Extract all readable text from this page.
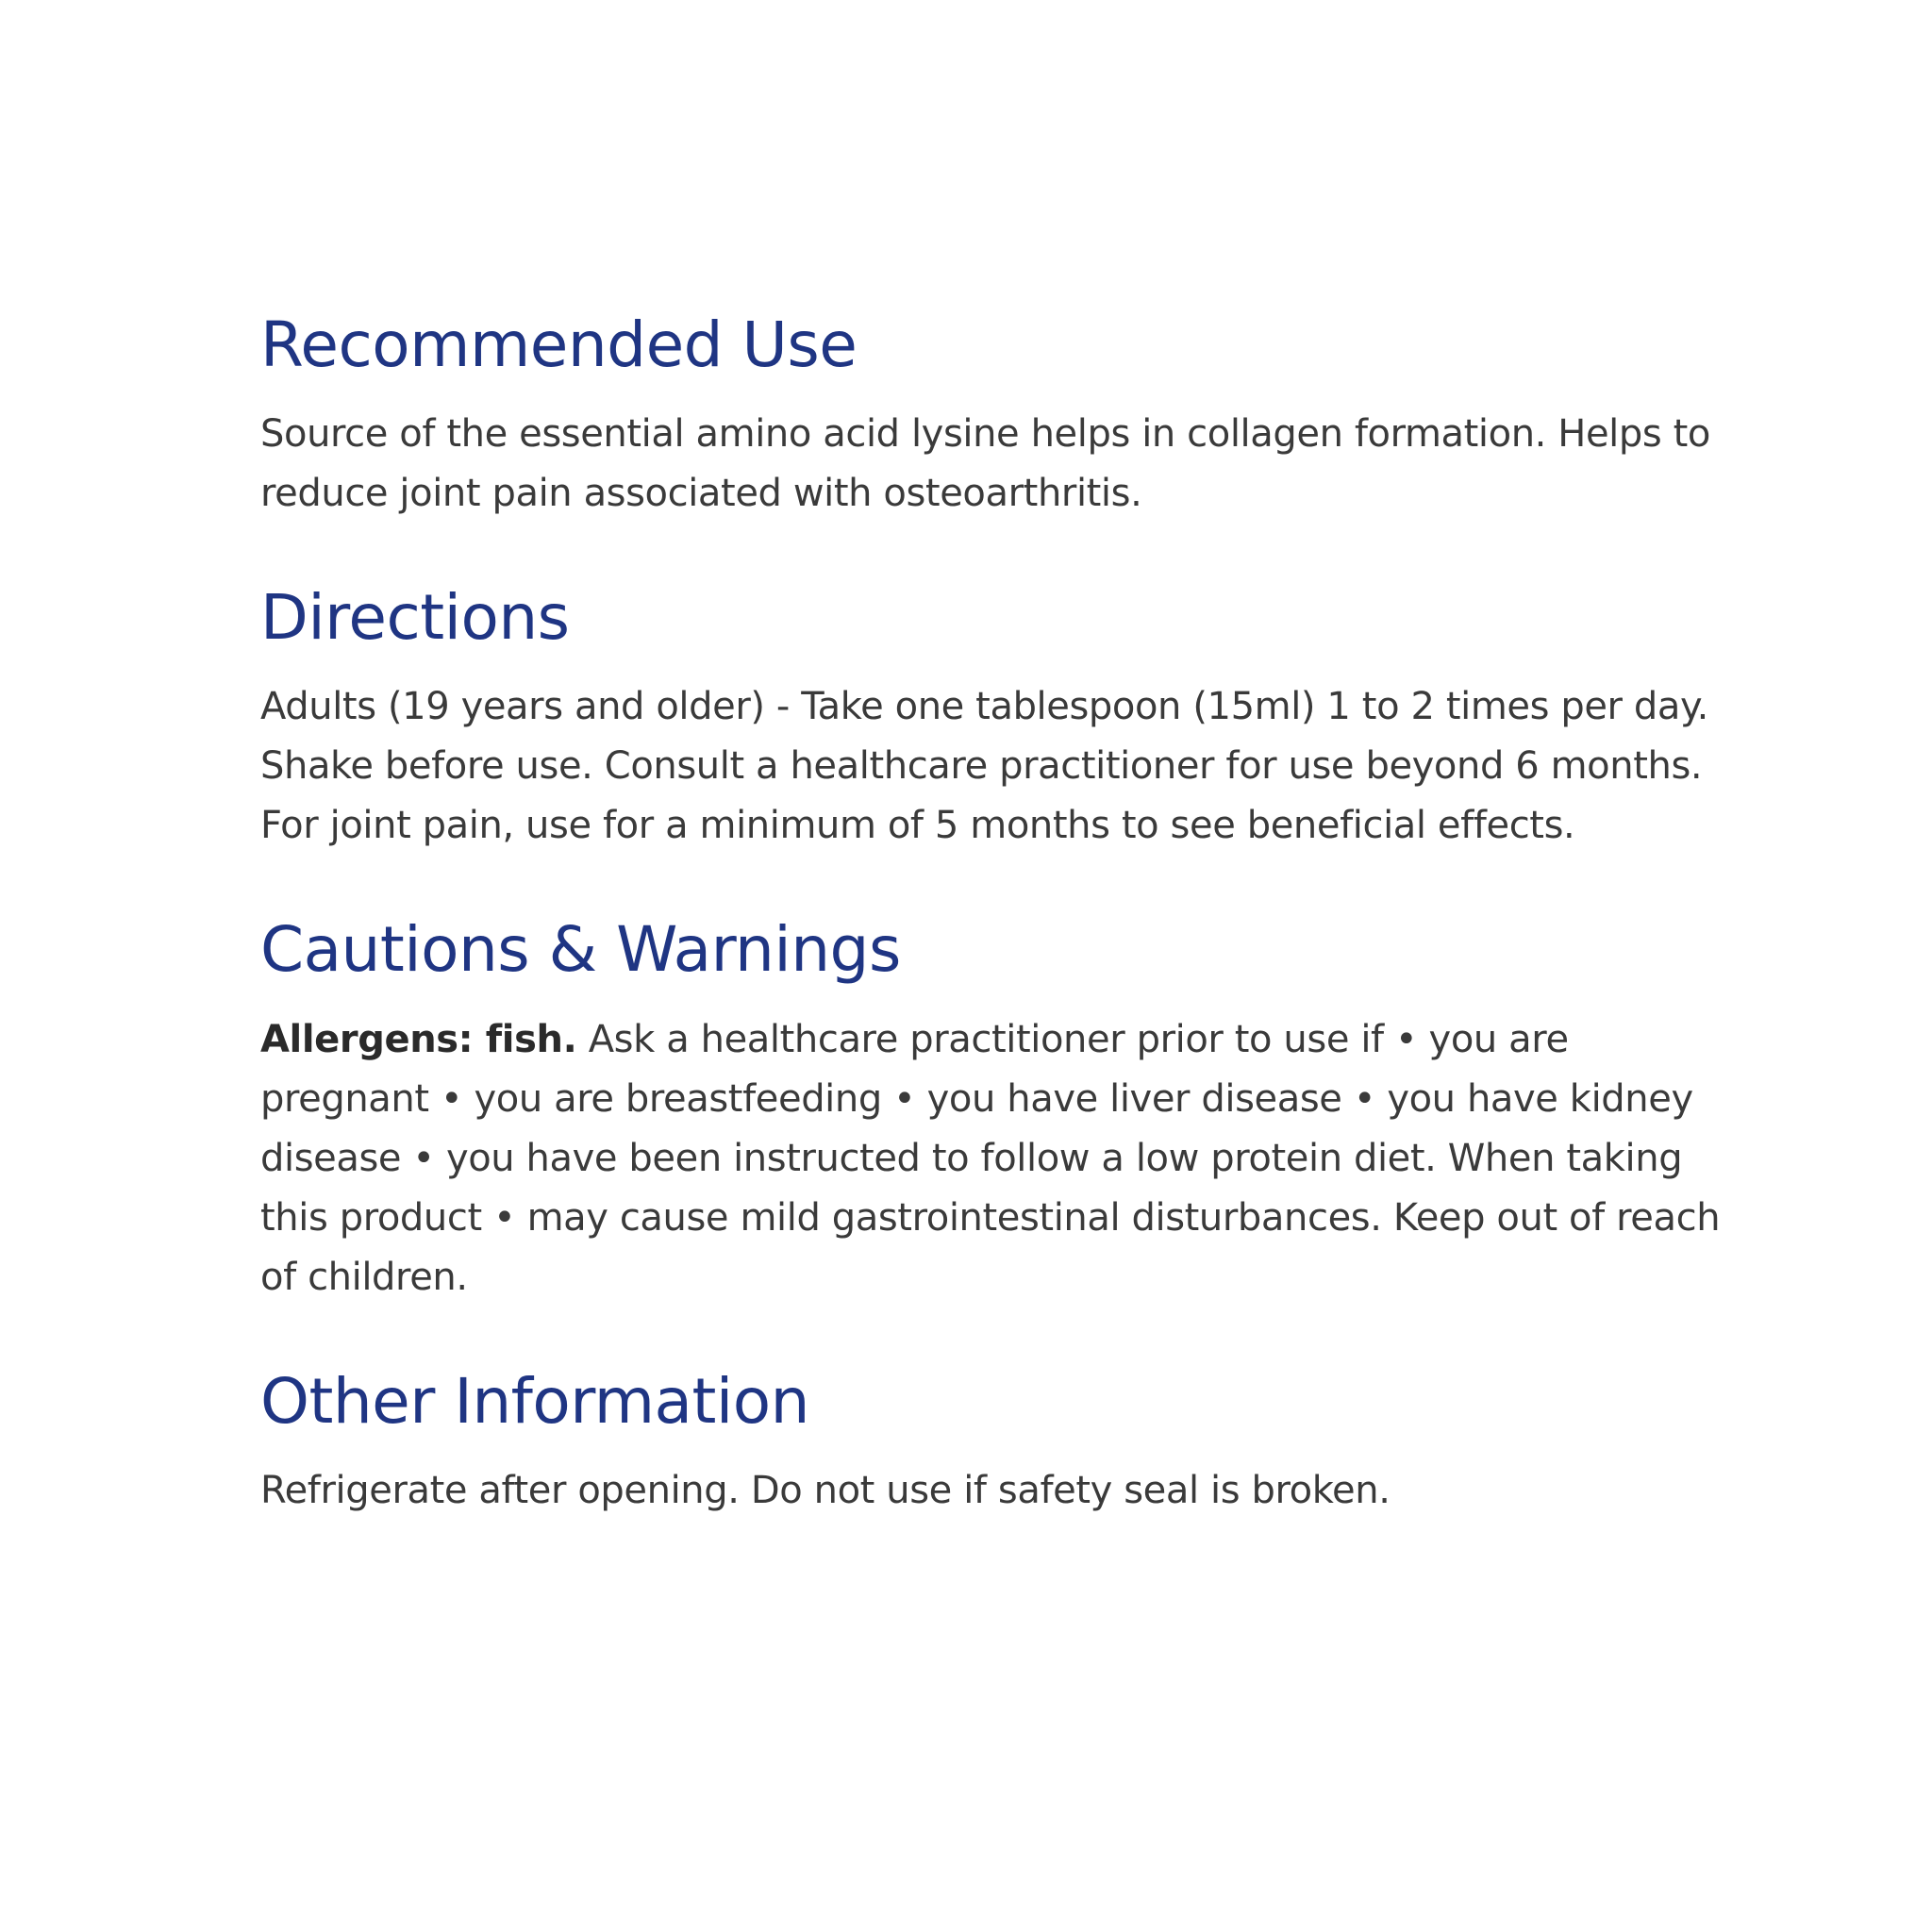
Recommended Use

Source of the essential amino acid lysine helps in collagen formation. Helps to reduce joint pain associated with osteoarthritis.

Directions

Adults (19 years and older) - Take one tablespoon (15ml) 1 to 2 times per day. Shake before use. Consult a healthcare practitioner for use beyond 6 months. For joint pain, use for a minimum of 5 months to see beneficial effects.

Cautions & Warnings

Allergens: fish. Ask a healthcare practitioner prior to use if • you are pregnant • you are breastfeeding • you have liver disease • you have kidney disease • you have been instructed to follow a low protein diet. When taking this product • may cause mild gastrointestinal disturbances. Keep out of reach of children.

Other Information

Refrigerate after opening. Do not use if safety seal is broken.
